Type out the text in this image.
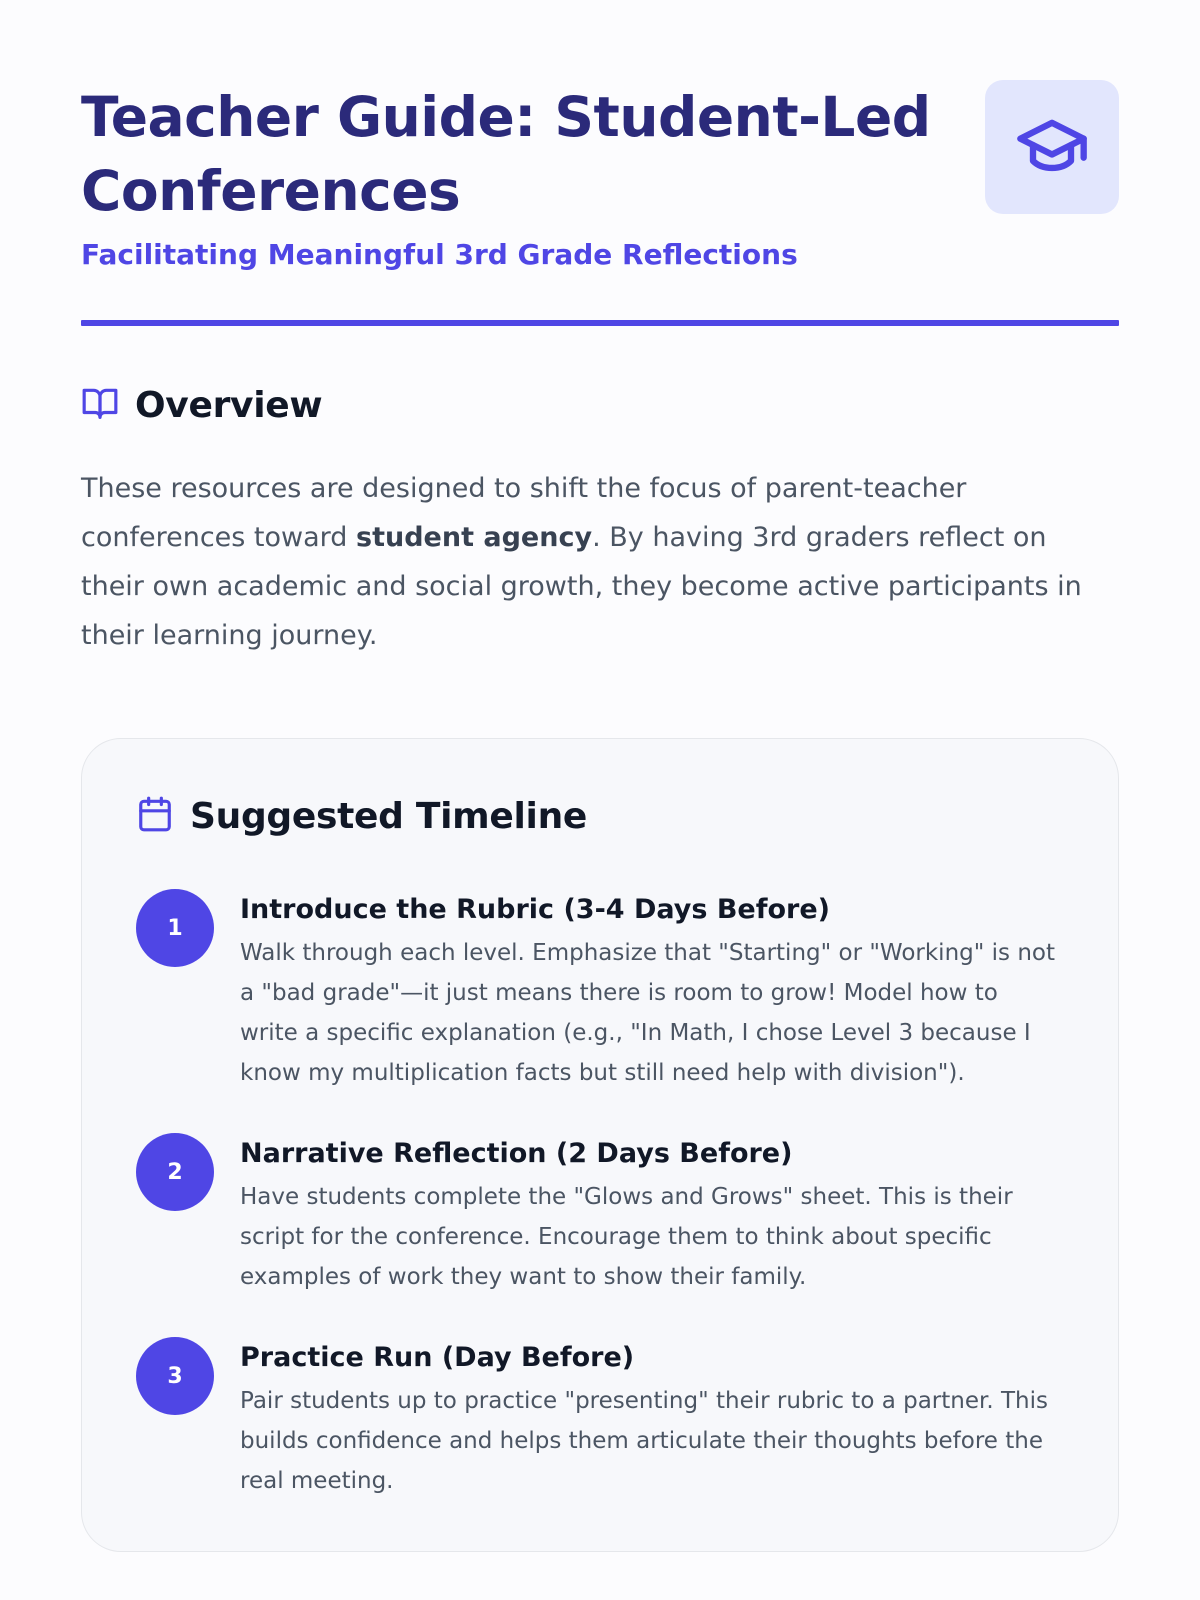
Teacher Guide: Student-Led Conferences

Facilitating Meaningful 3rd Grade Reflections

Overview

These resources are designed to shift the focus of parent-teacher conferences toward student agency. By having 3rd graders reflect on their own academic and social growth, they become active participants in their learning journey.

Suggested Timeline
1
Introduce the Rubric (3-4 Days Before)

Walk through each level. Emphasize that "Starting" or "Working" is not a "bad grade"—it just means there is room to grow! Model how to write a specific explanation (e.g., "In Math, I chose Level 3 because I know my multiplication facts but still need help with division").

2
Narrative Reflection (2 Days Before)

Have students complete the "Glows and Grows" sheet. This is their script for the conference. Encourage them to think about specific examples of work they want to show their family.

3
Practice Run (Day Before)

Pair students up to practice "presenting" their rubric to a partner. This builds confidence and helps them articulate their thoughts before the real meeting.
